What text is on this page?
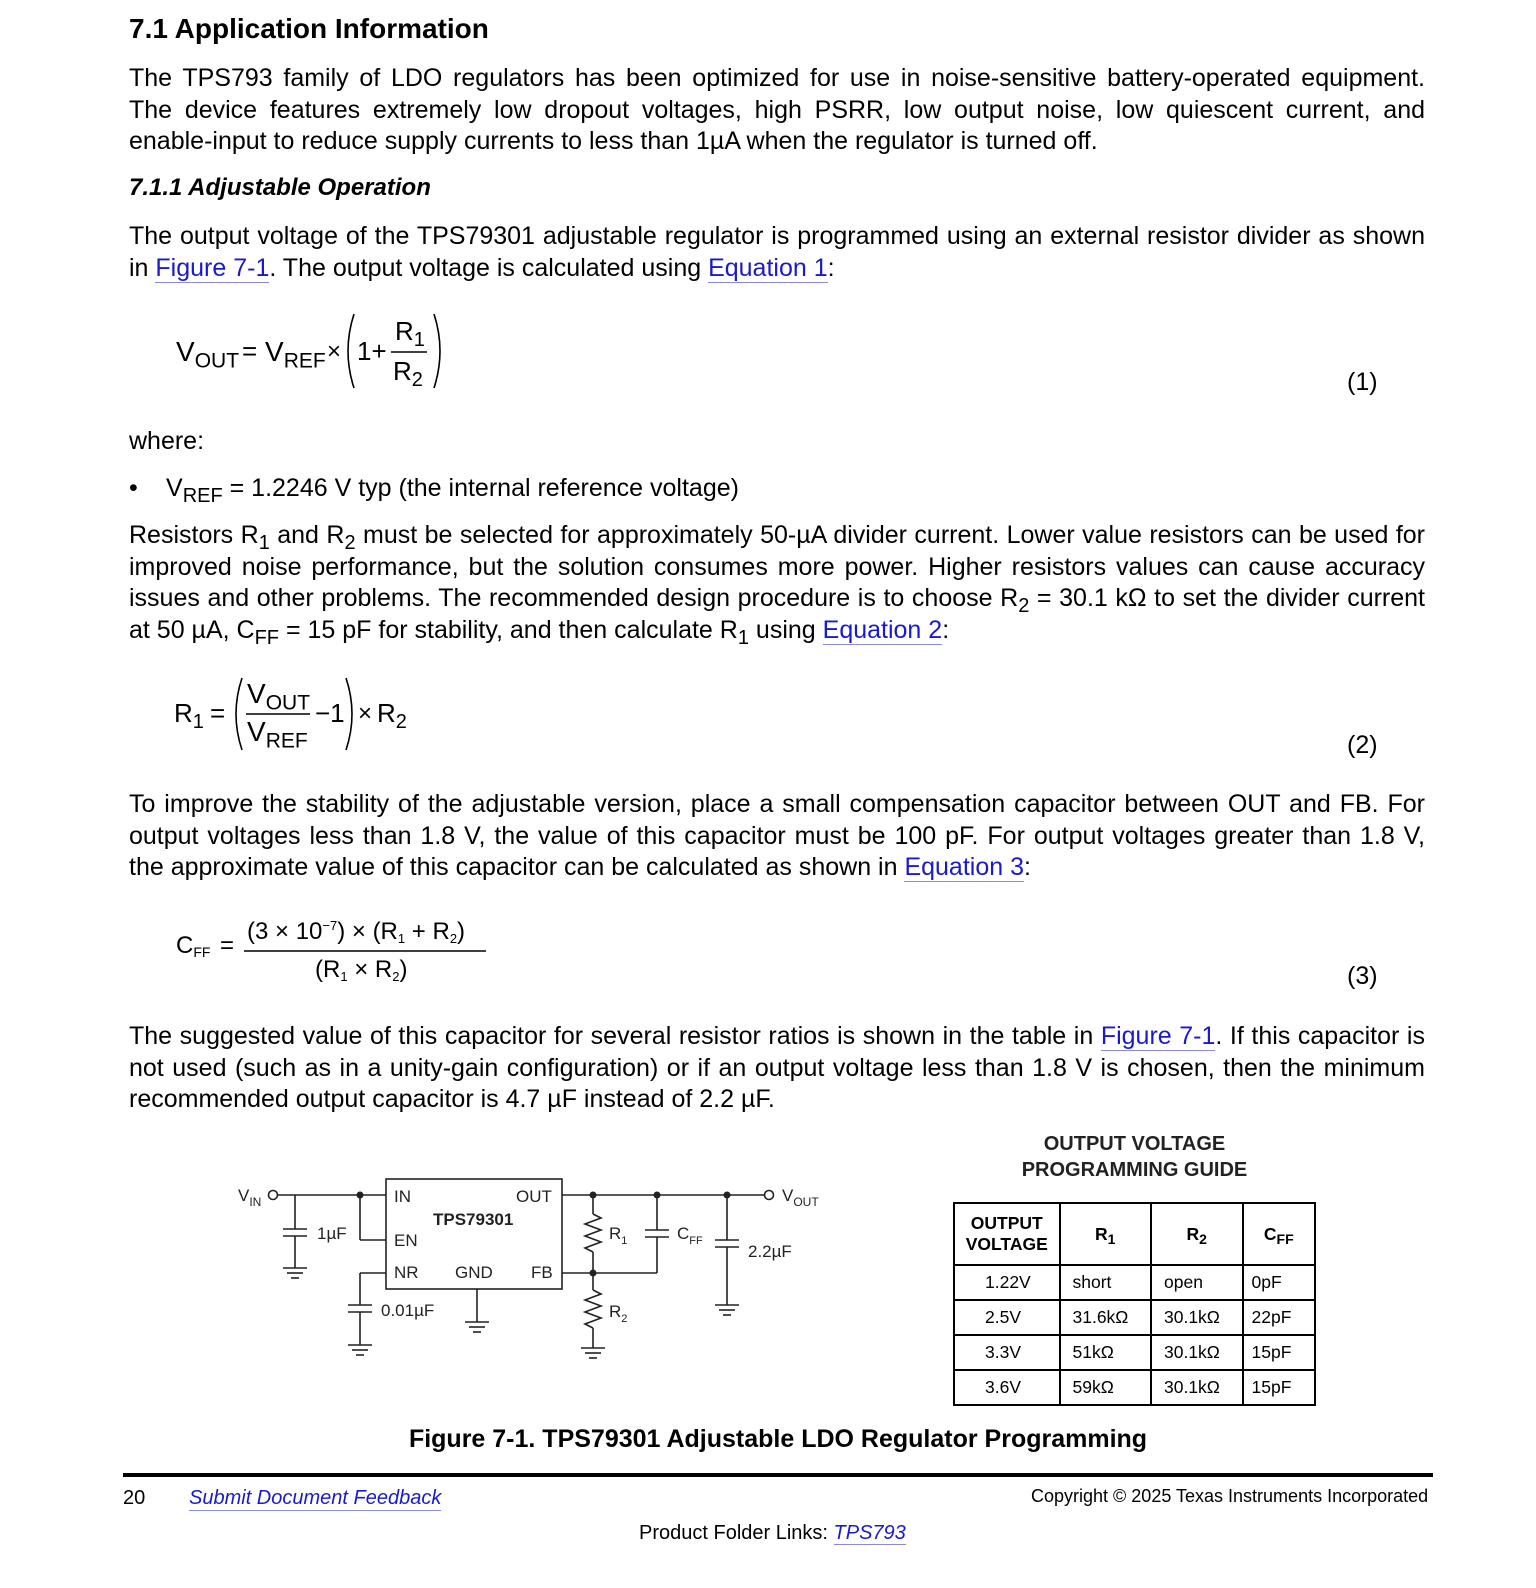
7.1 Application Information
The TPS793 family of LDO regulators has been optimized for use in noise-sensitive battery-operated equipment.
The device features extremely low dropout voltages, high PSRR, low output noise, low quiescent current, and
enable-input to reduce supply currents to less than 1µA when the regulator is turned off.
7.1.1 Adjustable Operation
The output voltage of the TPS79301 adjustable regulator is programmed using an external resistor divider as shown in Figure 7-1. The output voltage is calculated using Equation 1:
$V_{OUT} = V_{REF} \times 1+$
$R_1$
$R_2$	(1)
where:
• $V_{REF} = 1.2246$ V typ (the internal reference voltage)
Resistors $R_1$ and $R_2$ must be selected for approximately 50-µA divider current. Lower value resistors can be used for improved noise performance, but the solution consumes more power. Higher resistors values can cause accuracy issues and other problems. The recommended design procedure is to choose $R_2 = 30.1$ kΩ to set the divider current at 50 µA, $C_{FF} = 15$ pF for stability, and then calculate $R_1$ using Equation 2:
$R_1$ =
$V_{OUT}$
$V_{REF}$
$-1 \times R_2$
(2)
To improve the stability of the adjustable version, place a small compensation capacitor between OUT and FB. For output voltages less than 1.8 V, the value of this capacitor must be 100 pF. For output voltages greater than 1.8 V, the approximate value of this capacitor can be calculated as shown in Equation 3:
$C_{FF}$ =
$(3 \times 10^{-7}) \times (R_1 + R_2)$
$(R_1 \times R_2)$	(3)
The suggested value of this capacitor for several resistor ratios is shown in the table in Figure 7-1. If this capacitor is not used (such as in a unity-gain configuration) or if an output voltage less than 1.8 V is chosen, then the minimum recommended output capacitor is 4.7 µF instead of 2.2 µF.
IN	OUT
EN
NR GND FB
TPS79301
$V_{IN}$	$V_{OUT}$
1µF
0.01µF
2.2µF
$R_1$
$R_2$
$C_{FF}$
OUTPUT VOLTAGE
PROGRAMMING GUIDE
OUTPUT
VOLTAGE	$R_1$	$R_2$	$C_{FF}$
1.22V	short	open	0pF
2.5V	31.6kΩ	30.1kΩ	22pF
3.3V	51kΩ	30.1kΩ	15pF
3.6V	59kΩ	30.1kΩ	15pF
Figure 7-1. TPS79301 Adjustable LDO Regulator Programming
20 Submit Document Feedback	Copyright © 2025 Texas Instruments Incorporated
Product Folder Links: TPS793
